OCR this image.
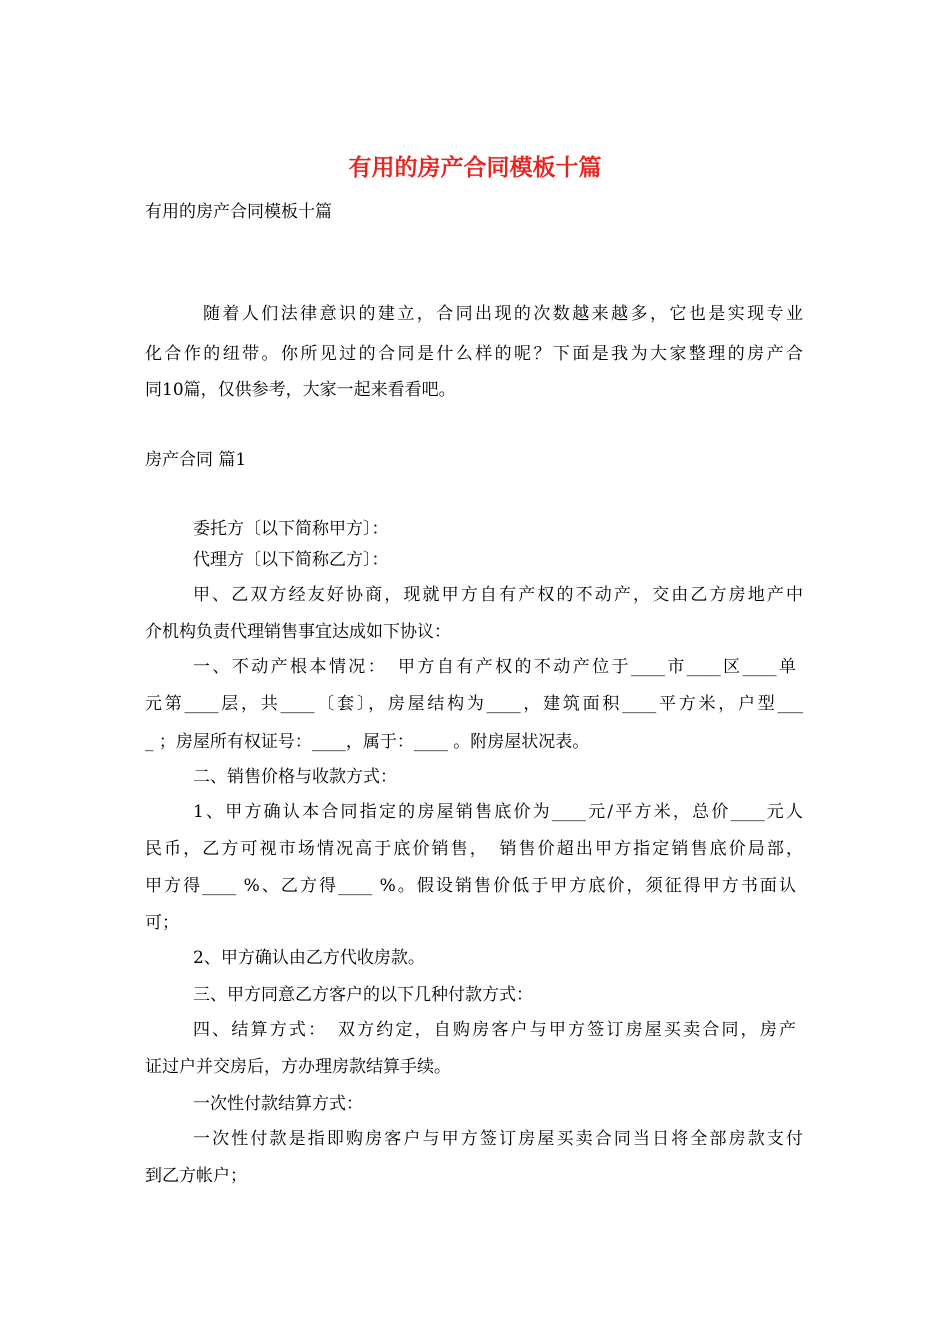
有用的房产合同模板十篇
有用的房产合同模板十篇
随着人们法律意识的建立，合同出现的次数越来越多，它也是实现专业
化合作的纽带。你所见过的合同是什么样的呢？下面是我为大家整理的房产合
同10篇，仅供参考，大家一起来看看吧。
房产合同 篇1
委托方〔以下简称甲方〕：
代理方〔以下简称乙方〕：
甲、乙双方经友好协商，现就甲方自有产权的不动产，交由乙方房地产中
介机构负责代理销售事宜达成如下协议：
一、不动产根本情况：　甲方自有产权的不动产位于____市____区____单
元第____层，共____〔套〕，房屋结构为____，建筑面积____平方米，户型___
_ ；房屋所有权证号：____，属于：____ 。附房屋状况表。
二、销售价格与收款方式：
1、甲方确认本合同指定的房屋销售底价为____元/平方米，总价____元人
民币，乙方可视市场情况高于底价销售，　销售价超出甲方指定销售底价局部，
甲方得____ %、乙方得____ %。假设销售价低于甲方底价，须征得甲方书面认
可；
2、甲方确认由乙方代收房款。
三、甲方同意乙方客户的以下几种付款方式：
四、结算方式：　双方约定，自购房客户与甲方签订房屋买卖合同，房产
证过户并交房后，方办理房款结算手续。
一次性付款结算方式：
一次性付款是指即购房客户与甲方签订房屋买卖合同当日将全部房款支付
到乙方帐户；
